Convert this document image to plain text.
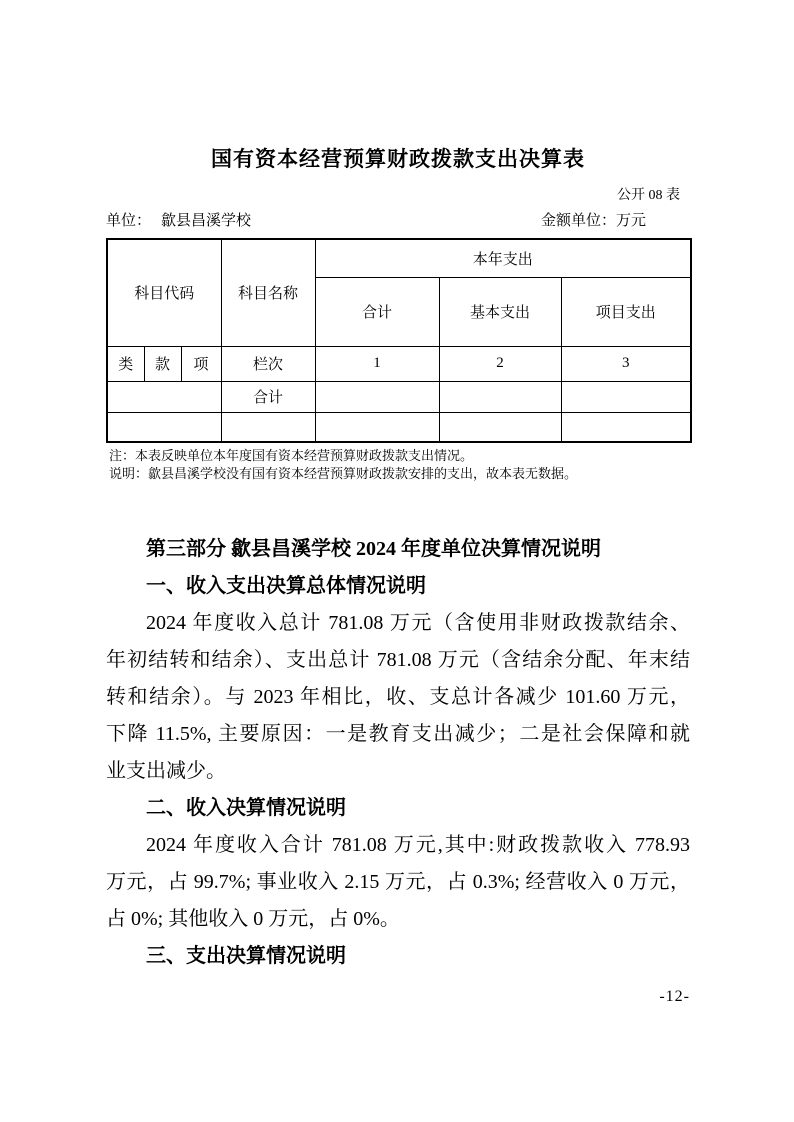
国有资本经营预算财政拨款支出决算表
公开 08 表
单位： 歙县昌溪学校	金额单位：万元
科目代码			科目名称	本年支出		
				合计	基本支出	项目支出
类	款	项	栏次	1	2	3
			合计			

注：本表反映单位本年度国有资本经营预算财政拨款支出情况。
说明：歙县昌溪学校没有国有资本经营预算财政拨款安排的支出，故本表无数据。
第三部分 歙县昌溪学校 2024 年度单位决算情况说明
一、收入支出决算总体情况说明
2024 年度收入总计 781.08 万元（含使用非财政拨款结余、
年初结转和结余）、支出总计 781.08 万元（含结余分配、年末结
转和结余）。与 2023 年相比，收、支总计各减少 101.60 万元，
下降 11.5%, 主要原因：一是教育支出减少；二是社会保障和就
业支出减少。
二、收入决算情况说明
2024 年度收入合计 781.08 万元,其中:财政拨款收入 778.93
万元，占 99.7%; 事业收入 2.15 万元，占 0.3%; 经营收入 0 万元，
占 0%; 其他收入 0 万元，占 0%。
三、支出决算情况说明
-12-
